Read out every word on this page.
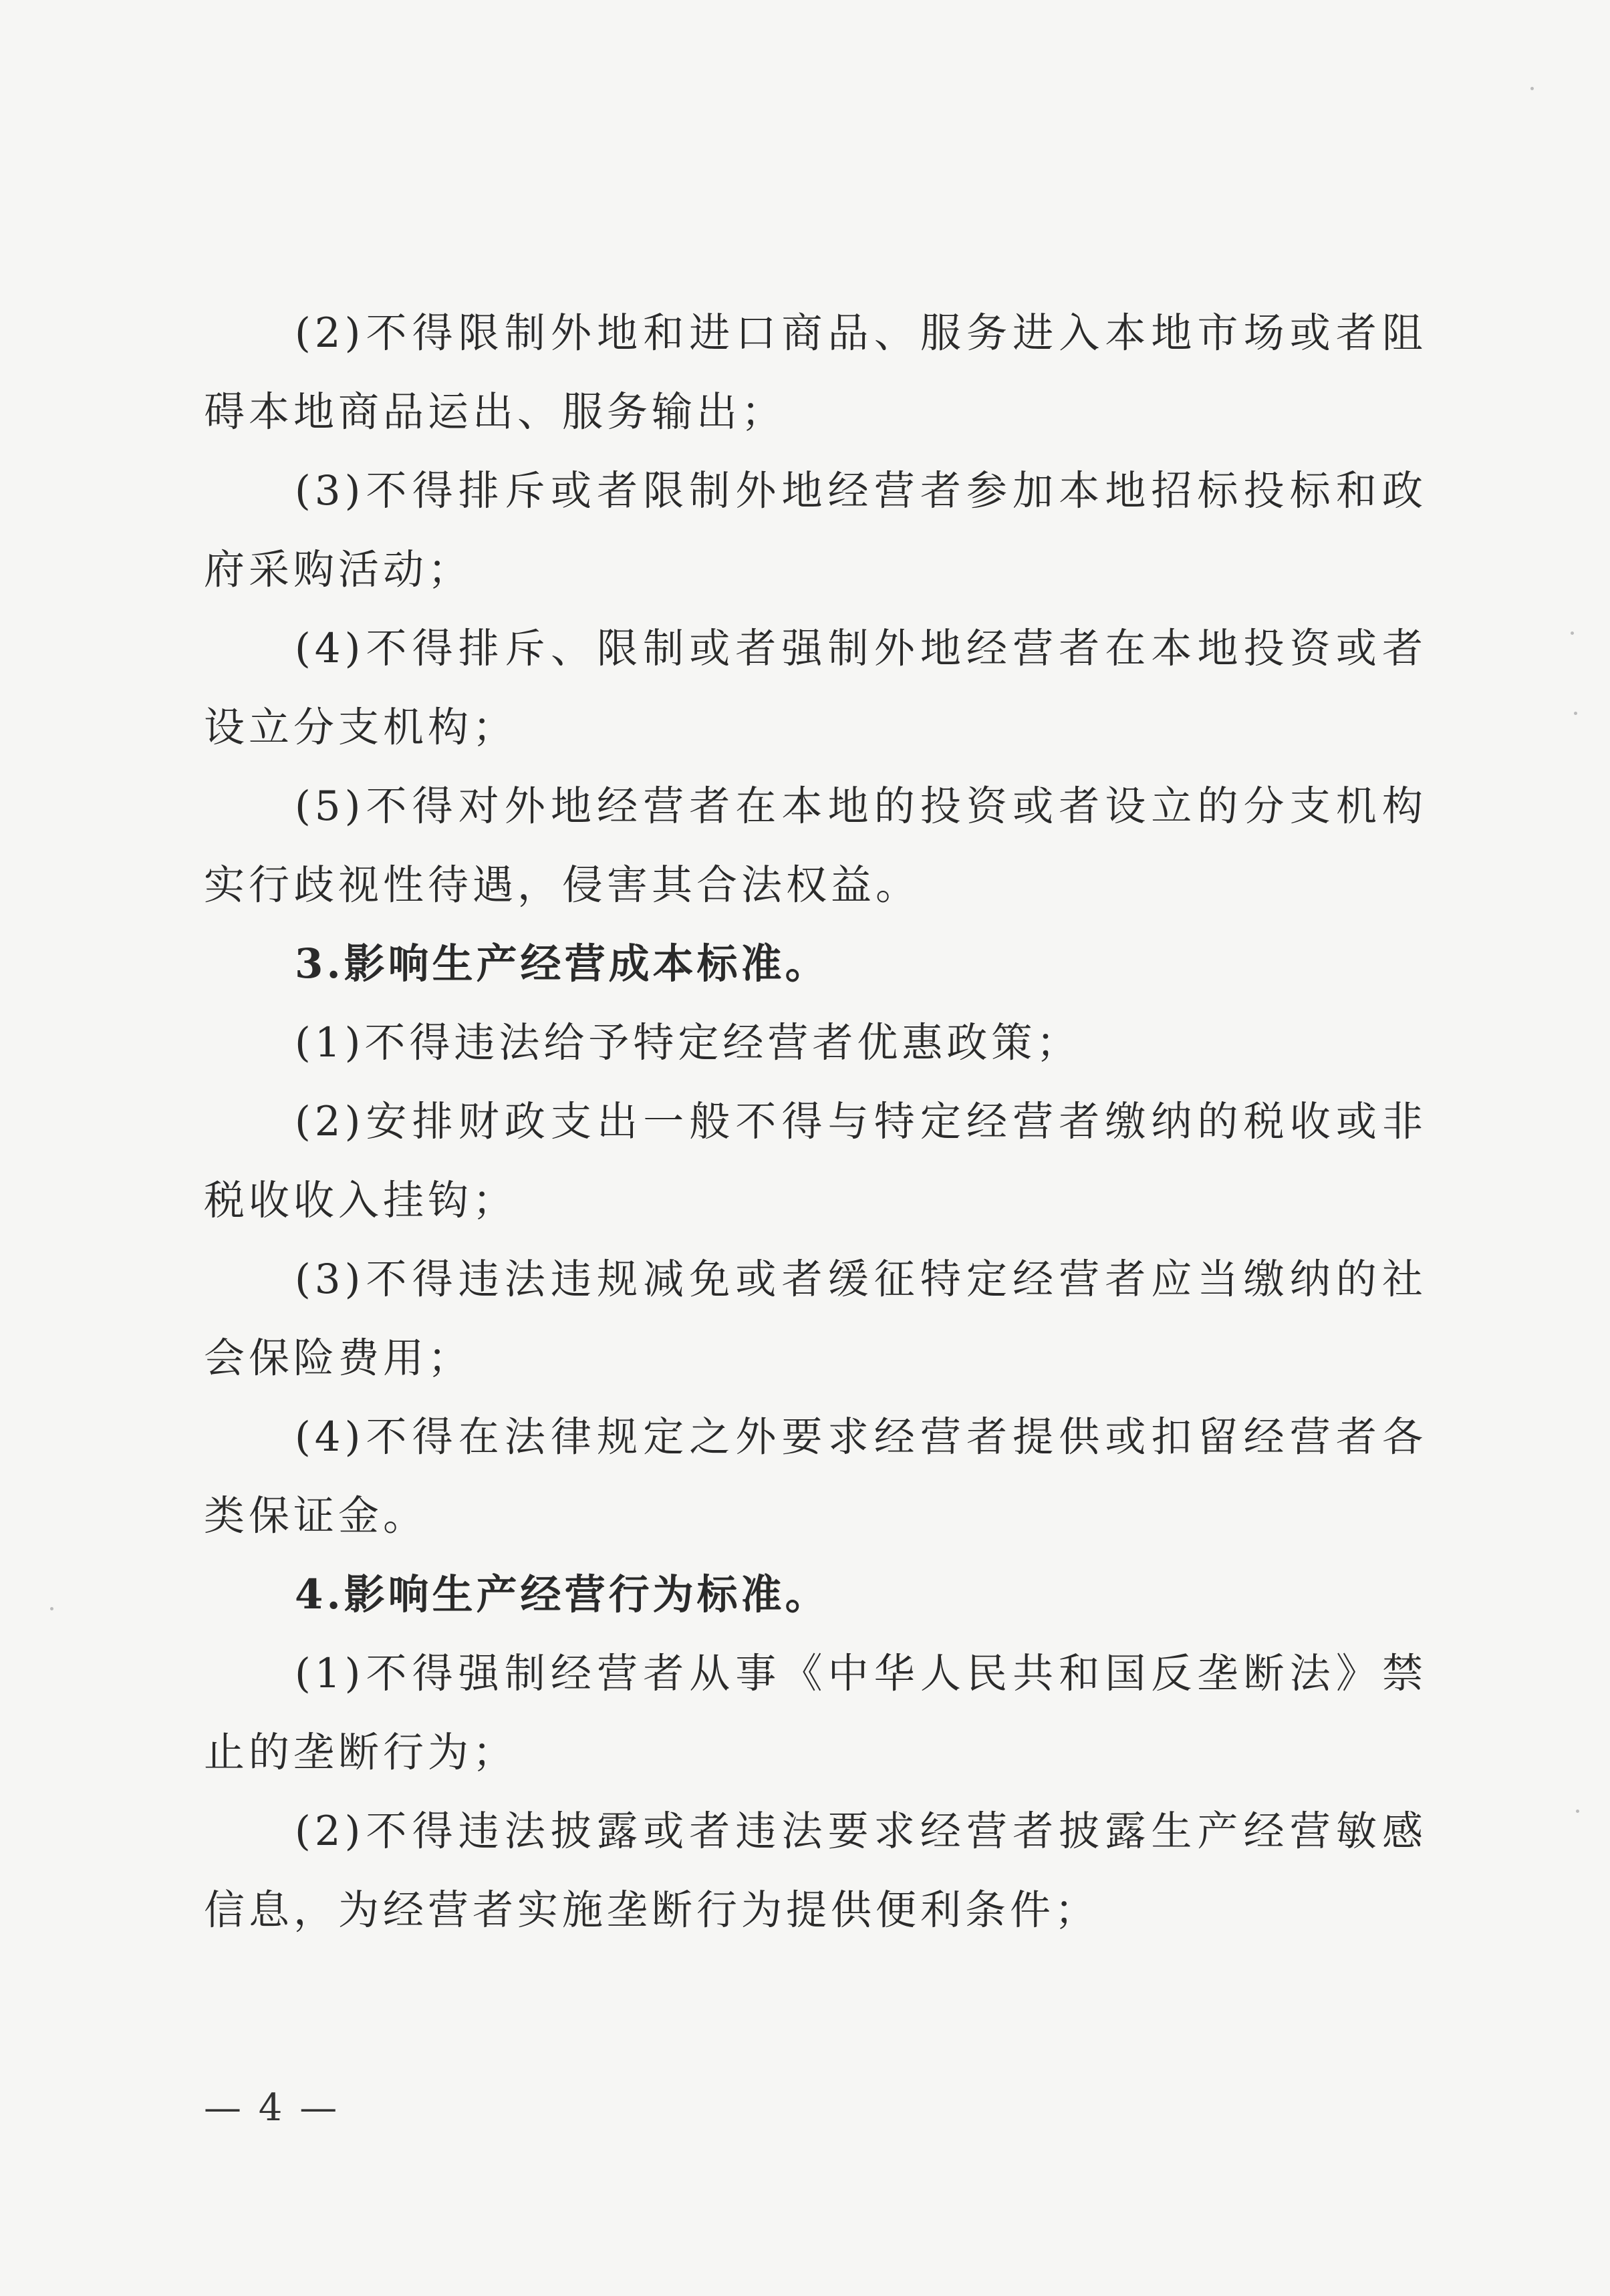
(2)不得限制外地和进口商品、服务进入本地市场或者阻碍本地商品运出、服务输出；

(3)不得排斥或者限制外地经营者参加本地招标投标和政府采购活动；

(4)不得排斥、限制或者强制外地经营者在本地投资或者设立分支机构；

(5)不得对外地经营者在本地的投资或者设立的分支机构实行歧视性待遇，侵害其合法权益。

3.影响生产经营成本标准。

(1)不得违法给予特定经营者优惠政策；

(2)安排财政支出一般不得与特定经营者缴纳的税收或非税收收入挂钩；

(3)不得违法违规减免或者缓征特定经营者应当缴纳的社会保险费用；

(4)不得在法律规定之外要求经营者提供或扣留经营者各类保证金。

4.影响生产经营行为标准。

(1)不得强制经营者从事《中华人民共和国反垄断法》禁止的垄断行为；

(2)不得违法披露或者违法要求经营者披露生产经营敏感信息，为经营者实施垄断行为提供便利条件；

— 4 —
